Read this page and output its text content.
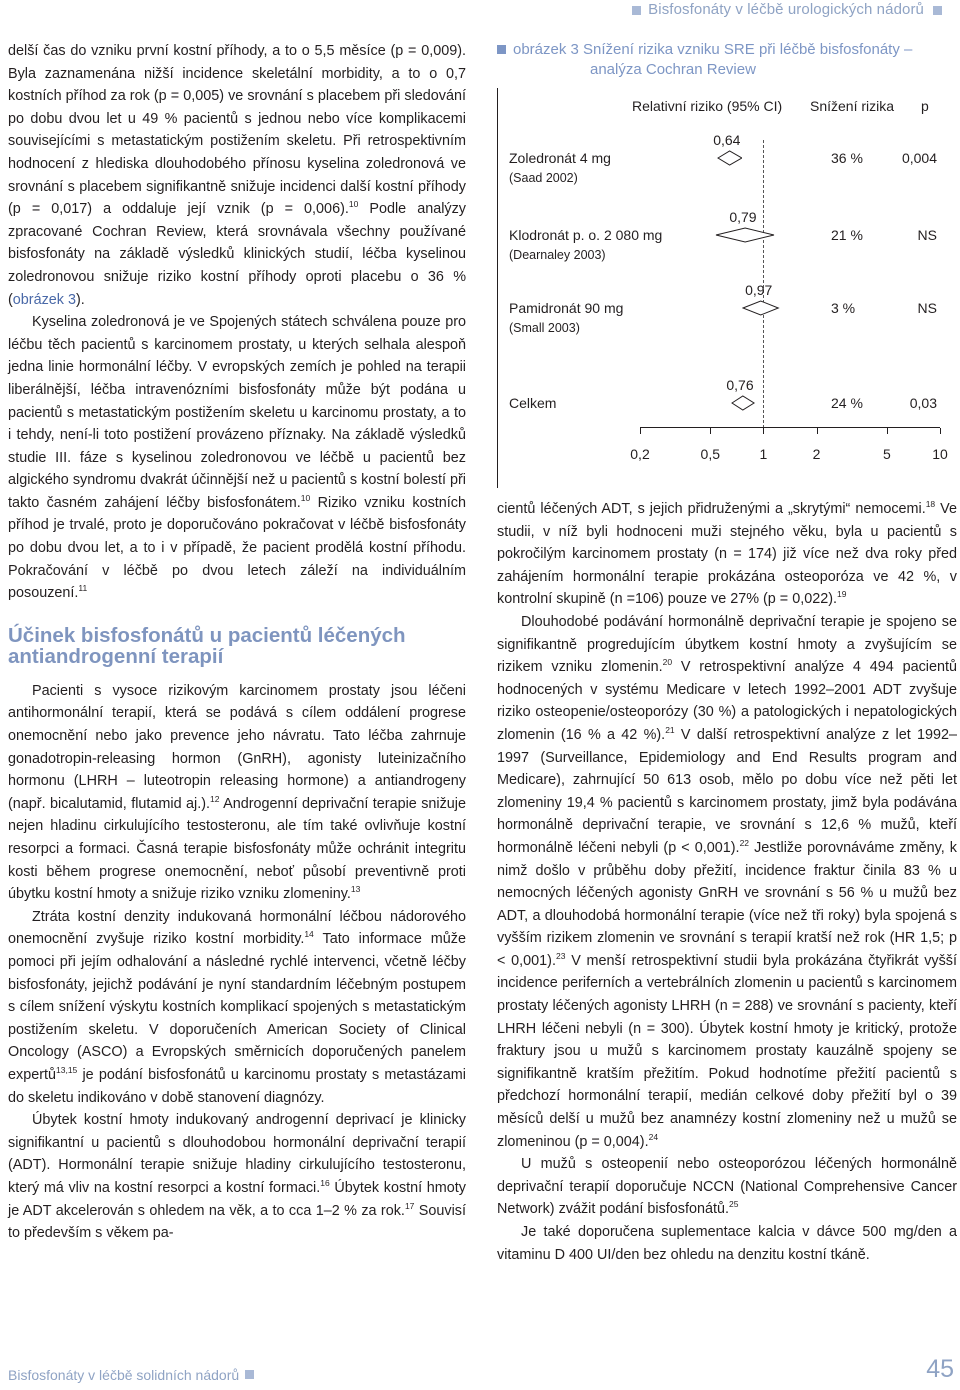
Bisfosfonáty v léčbě urologických nádorů

delší čas do vzniku první kostní příhody, a to o 5,5 měsíce (p = 0,009). Byla zaznamenána nižší incidence skeletální morbidity, a to o 0,7 kostních příhod za rok (p = 0,005) ve srovnání s placebem při sledování po dobu dvou let u 49 % pacientů s jednou nebo více komplikacemi souvisejícími s metastatickým postižením skeletu. Při retrospektivním hodnocení z hlediska dlouhodobého přínosu kyselina zoledronová ve srovnání s placebem signifikantně snižuje incidenci další kostní příhody (p = 0,017) a oddaluje její vznik (p = 0,006).$^{10}$ Podle analýzy zpracované Cochran Review, která srovnávala všechny používané bisfosfonáty na základě výsledků klinických studií, léčba kyselinou zoledronovou snižuje riziko kostní příhody oproti placebu o 36 % (obrázek 3).

Kyselina zoledronová je ve Spojených státech schválena pouze pro léčbu těch pacientů s karcinomem prostaty, u kterých selhala alespoň jedna linie hormonální léčby. V evropských zemích je pohled na terapii liberálnější, léčba intravenózními bisfosfonáty může být podána u pacientů s metastatickým postižením skeletu u karcinomu prostaty, a to i tehdy, není-li toto postižení provázeno příznaky. Na základě výsledků studie III. fáze s kyselinou zoledronovou ve léčbě u pacientů bez algického syndromu dvakrát účinnější než u pacientů s kostní bolestí při takto časném zahájení léčby bisfosfonátem.$^{10}$ Riziko vzniku kostních příhod je trvalé, proto je doporučováno pokračovat v léčbě bisfosfonáty po dobu dvou let, a to i v případě, že pacient prodělá kostní příhodu. Pokračování v léčbě po dvou letech záleží na individuálním posouzení.$^{11}$

Účinek bisfosfonátů u pacientů léčených antiandrogenní terapií

Pacienti s vysoce rizikovým karcinomem prostaty jsou léčeni antihormonální terapií, která se podává s cílem oddálení progrese onemocnění nebo jako prevence jeho návratu. Tato léčba zahrnuje gonadotropin-releasing hormon (GnRH), agonisty luteinizačního hormonu (LHRH – luteotropin releasing hormone) a antiandrogeny (např. bicalutamid, flutamid aj.).$^{12}$ Androgenní deprivační terapie snižuje nejen hladinu cirkulujícího testosteronu, ale tím také ovlivňuje kostní resorpci a formaci. Časná terapie bisfosfonáty může ochránit integritu kosti během progrese onemocnění, neboť působí preventivně proti úbytku kostní hmoty a snižuje riziko vzniku zlomeniny.$^{13}$

Ztráta kostní denzity indukovaná hormonální léčbou nádorového onemocnění zvyšuje riziko kostní morbidity.$^{14}$ Tato informace může pomoci při jejím odhalování a následné rychlé intervenci, včetně léčby bisfosfonáty, jejichž podávání je nyní standardním léčebným postupem s cílem snížení výskytu kostních komplikací spojených s metastatickým postižením skeletu. V doporučeních American Society of Clinical Oncology (ASCO) a Evropských směrnicích doporučených panelem expertů$^{13,15}$ je podání bisfosfonátů u karcinomu prostaty s metastázami do skeletu indikováno v době stanovení diagnózy.

Úbytek kostní hmoty indukovaný androgenní deprivací je klinicky signifikantní u pacientů s dlouhodobou hormonální deprivační terapií (ADT). Hormonální terapie snižuje hladiny cirkulujícího testosteronu, který má vliv na kostní resorpci a kostní formaci.$^{16}$ Úbytek kostní hmoty je ADT akcelerován s ohledem na věk, a to cca 1–2 % za rok.$^{17}$ Souvisí to především s věkem pa-

obrázek 3 Snížení rizika vzniku SRE při léčbě bisfosfonáty –
analýza Cochran Review
Relativní riziko (95% CI) Snížení rizika p
Zoledronát 4 mg
(Saad 2002)
0,64
36 %	0,004
Klodronát p. o. 2 080 mg
(Dearnaley 2003)
0,79
21 %	NS
Pamidronát 90 mg
(Small 2003)
0,97
3 %	NS
Celkem
0,76
24 %	0,03
0,2	0,5	1	2	5	10

cientů léčených ADT, s jejich přidruženými a „skrytými“ nemocemi.$^{18}$ Ve studii, v níž byli hodnoceni muži stejného věku, byla u pacientů s pokročilým karcinomem prostaty (n = 174) již více než dva roky před zahájením hormonální terapie prokázána osteoporóza ve 42 %, v kontrolní skupině (n =106) pouze ve 27% (p = 0,022).$^{19}$

Dlouhodobé podávání hormonálně deprivační terapie je spojeno se signifikantně progredujícím úbytkem kostní hmoty a zvyšujícím se rizikem vzniku zlomenin.$^{20}$ V retrospektivní analýze 4 494 pacientů hodnocených v systému Medicare v letech 1992–2001 ADT zvyšuje riziko osteopenie/osteoporózy (30 %) a patologických i nepatologických zlomenin (16 % a 42 %).$^{21}$ V další retrospektivní analýze z let 1992–1997 (Surveillance, Epidemiology and End Results program and Medicare), zahrnující 50 613 osob, mělo po dobu více než pěti let zlomeniny 19,4 % pacientů s karcinomem prostaty, jimž byla podávána hormonálně deprivační terapie, ve srovnání s 12,6 % mužů, kteří hormonálně léčeni nebyli (p < 0,001).$^{22}$ Jestliže porovnáváme změny, k nimž došlo v průběhu doby přežití, incidence fraktur činila 83 % u nemocných léčených agonisty GnRH ve srovnání s 56 % u mužů bez ADT, a dlouhodobá hormonální terapie (více než tři roky) byla spojená s vyšším rizikem zlomenin ve srovnání s terapií kratší než rok (HR 1,5; p < 0,001).$^{23}$ V menší retrospektivní studii byla prokázána čtyřikrát vyšší incidence periferních a vertebrálních zlomenin u pacientů s karcinomem prostaty léčených agonisty LHRH (n = 288) ve srovnání s pacienty, kteří LHRH léčeni nebyli (n = 300). Úbytek kostní hmoty je kritický, protože fraktury jsou u mužů s karcinomem prostaty kauzálně spojeny se signifikantně kratším přežitím. Pokud hodnotíme přežití pacientů s předchozí hormonální terapií, medián celkové doby přežití byl o 39 měsíců delší u mužů bez anamnézy kostní zlomeniny než u mužů se zlomeninou (p = 0,004).$^{24}$

U mužů s osteopenií nebo osteoporózou léčených hormonálně deprivační terapií doporučuje NCCN (National Comprehensive Cancer Network) zvážit podání bisfosfonátů.$^{25}$

Je také doporučena suplementace kalcia v dávce 500 mg/den a vitaminu D 400 UI/den bez ohledu na denzitu kostní tkáně.

Bisfosfonáty v léčbě solidních nádorů	45
